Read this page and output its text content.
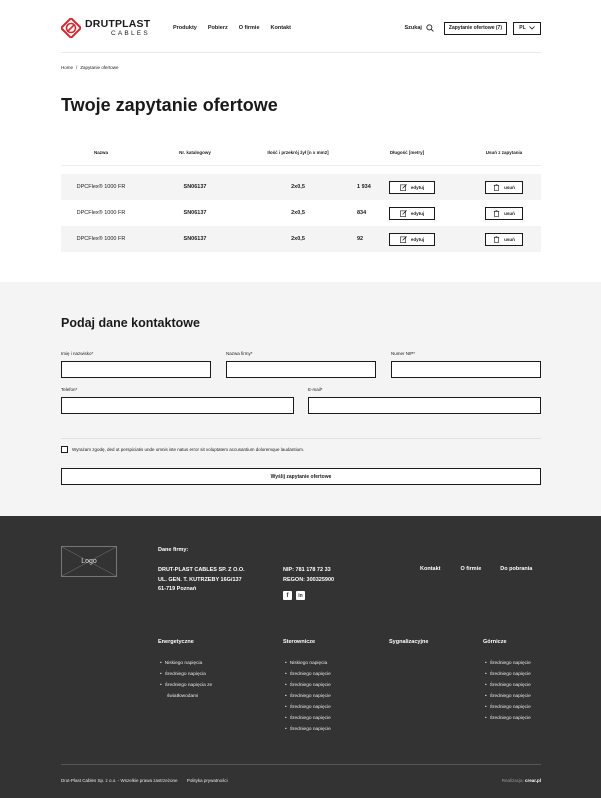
DRUTPLAST
CABLES
Produkty Pobierz O firmie Kontakt	Szukaj	Zapytanie ofertowe (7)	PL
Home / Zapytanie ofertowe
Twoje zapytanie ofertowe
Nazwa	Nr. katalogowy	Ilość i przekrój żył [n x mm2]	Długość [metry]	Usuń z zapytania
DPCFlex® 1000 FR	SN06137	2x0,5	1 934	edytuj	usuń
DPCFlex® 1000 FR	SN06137	2x0,5	834	edytuj	usuń
DPCFlex® 1000 FR	SN06137	2x0,5	92	edytuj	usuń
Podaj dane kontaktowe
Imię i nazwisko*	Nazwa firmy*	Numer NIP*
Telefon*	E-mail*
Wyrażam zgodę, ded ut perspiciatis unde omnis iste natus error sit voluptatem accusantium doloremque laudantium.
Wyślij zapytanie ofertowe
Logo
Dane firmy:
DRUT-PLAST CABLES SP. Z O.O.
UL. GEN. T. KUTRZEBY 16G/137
61-719 Poznań
NIP: 781 178 72 33
REGON: 300325900
f	in
Kontakt	O firmie	Do pobrania
Energetyczne
• Niskiego napięcia
• Średniego napięcia
• Średniego napięcia ze
światłowodami
Sterownicze
• Niskiego napięcia
• Średniego napięcie
• Średniego napięcie
• Średniego napięcie
• Średniego napięcie
• Średniego napięcie
• Średniego napięcie
Sygnalizacyjne	Górnicze
• Średniego napięcie
• Średniego napięcie
• Średniego napięcie
• Średniego napięcie
• Średniego napięcie
• Średniego napięcie
Drut-Plast Cables Sp. z o.o. - Wszelkie prawa zastrzeżone Polityka prywatności	Realizacja: crear.pl
